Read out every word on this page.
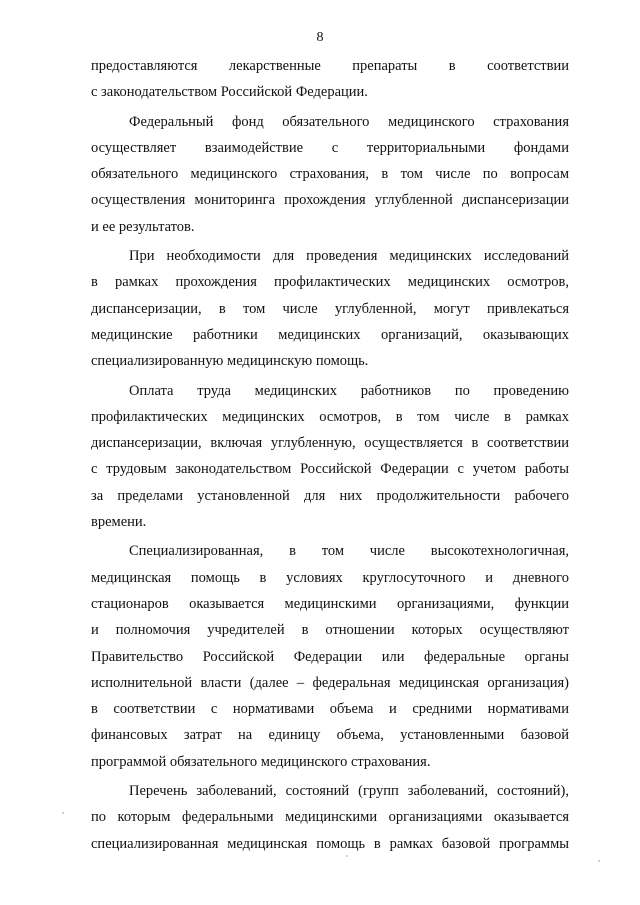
8
предоставляются лекарственные препараты в соответствии
с законодательством Российской Федерации.
Федеральный фонд обязательного медицинского страхования
осуществляет взаимодействие с территориальными фондами
обязательного медицинского страхования, в том числе по вопросам
осуществления мониторинга прохождения углубленной диспансеризации
и ее результатов.
При необходимости для проведения медицинских исследований
в рамках прохождения профилактических медицинских осмотров,
диспансеризации, в том числе углубленной, могут привлекаться
медицинские работники медицинских организаций, оказывающих
специализированную медицинскую помощь.
Оплата труда медицинских работников по проведению
профилактических медицинских осмотров, в том числе в рамках
диспансеризации, включая углубленную, осуществляется в соответствии
с трудовым законодательством Российской Федерации с учетом работы
за пределами установленной для них продолжительности рабочего
времени.
Специализированная, в том числе высокотехнологичная,
медицинская помощь в условиях круглосуточного и дневного
стационаров оказывается медицинскими организациями, функции
и полномочия учредителей в отношении которых осуществляют
Правительство Российской Федерации или федеральные органы
исполнительной власти (далее – федеральная медицинская организация)
в соответствии с нормативами объема и средними нормативами
финансовых затрат на единицу объема, установленными базовой
программой обязательного медицинского страхования.
Перечень заболеваний, состояний (групп заболеваний, состояний),
по которым федеральными медицинскими организациями оказывается
специализированная медицинская помощь в рамках базовой программы
